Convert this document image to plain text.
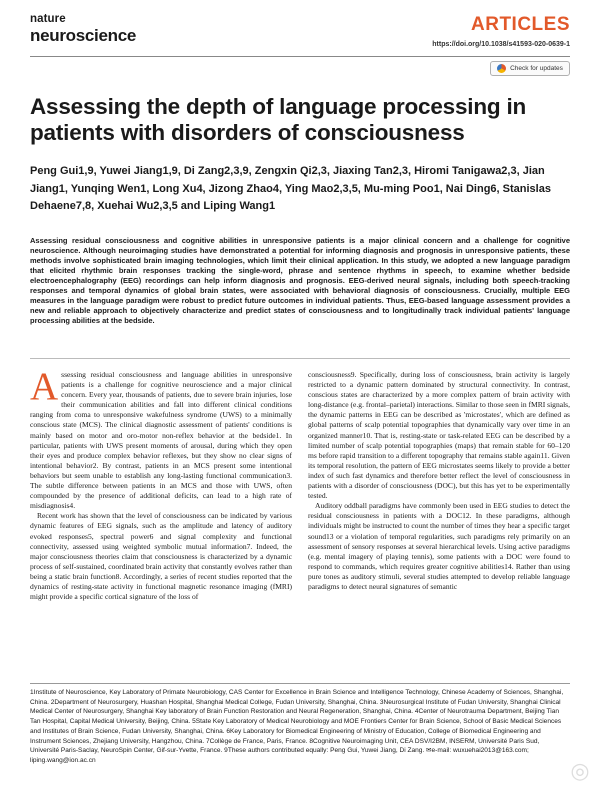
nature
neuroscience	ARTICLES
https://doi.org/10.1038/s41593-020-0639-1
Check for updates
Assessing the depth of language processing in patients with disorders of consciousness
Peng Gui1,9, Yuwei Jiang1,9, Di Zang2,3,9, Zengxin Qi2,3, Jiaxing Tan2,3, Hiromi Tanigawa2,3, Jian Jiang1, Yunqing Wen1, Long Xu4, Jizong Zhao4, Ying Mao2,3,5, Mu-ming Poo1, Nai Ding6, Stanislas Dehaene7,8, Xuehai Wu2,3,5 and Liping Wang1

Assessing residual consciousness and cognitive abilities in unresponsive patients is a major clinical concern and a challenge for cognitive neuroscience. Although neuroimaging studies have demonstrated a potential for informing diagnosis and prognosis in unresponsive patients, these methods involve sophisticated brain imaging technologies, which limit their clinical application. In this study, we adopted a new language paradigm that elicited rhythmic brain responses tracking the single-word, phrase and sentence rhythms in speech, to examine whether bedside electroencephalography (EEG) recordings can help inform diagnosis and prognosis. EEG-derived neural signals, including both speech-tracking responses and temporal dynamics of global brain states, were associated with behavioral diagnosis of consciousness. Crucially, multiple EEG measures in the language paradigm were robust to predict future outcomes in individual patients. Thus, EEG-based language assessment provides a new and reliable approach to objectively characterize and predict states of consciousness and to longitudinally track individual patients' language processing abilities at the bedside.

Assessing residual consciousness and language abilities in unresponsive patients is a challenge for cognitive neuroscience and a major clinical concern. Every year, thousands of patients, due to severe brain injuries, lose their communication abilities and fall into different clinical conditions ranging from coma to unresponsive wakefulness syndrome (UWS) to a minimally conscious state (MCS). The clinical diagnostic assessment of patients' conditions is mainly based on motor and oro-motor non-reflex behavior at the bedside1. In particular, patients with UWS present moments of arousal, during which they open their eyes and produce complex behavior reflexes, but they show no clear signs of intentional behavior2. By contrast, patients in an MCS present some intentional behaviors but seem unable to establish any long-lasting functional communication3. The subtle difference between patients in an MCS and those with UWS, often compounded by the presence of additional deficits, can lead to a high rate of misdiagnosis4.

Recent work has shown that the level of consciousness can be indicated by various dynamic features of EEG signals, such as the amplitude and latency of auditory evoked responses5, spectral power6 and signal complexity and functional connectivity, assessed using weighted symbolic mutual information7. Indeed, the major consciousness theories claim that consciousness is characterized by a dynamic process of self-sustained, coordinated brain activity that constantly evolves rather than being a static brain function8. Accordingly, a series of recent studies reported that the dynamics of resting-state activity in functional magnetic resonance imaging (fMRI) might provide a specific cortical signature of the loss of

consciousness9. Specifically, during loss of consciousness, brain activity is largely restricted to a dynamic pattern dominated by structural connectivity. In contrast, conscious states are characterized by a more complex pattern of brain activity with long-distance (e.g. frontal–parietal) interactions. Similar to those seen in fMRI signals, the dynamic patterns in EEG can be described as 'microstates', which are defined as global patterns of scalp potential topographies that dynamically vary over time in an organized manner10. That is, resting-state or task-related EEG can be described by a limited number of scalp potential topographies (maps) that remain stable for 60–120 ms before rapid transition to a different topography that remains stable again11. Given its temporal resolution, the pattern of EEG microstates seems likely to provide a better index of such fast dynamics and therefore better reflect the level of consciousness in patients with a disorder of consciousness (DOC), but this has yet to be experimentally tested.

Auditory oddball paradigms have commonly been used in EEG studies to detect the residual consciousness in patients with a DOC12. In these paradigms, although individuals might be instructed to count the number of times they hear a specific target sound13 or a violation of temporal regularities, such paradigms rely primarily on an assessment of sensory responses at several hierarchical levels. Using active paradigms (e.g. mental imagery of playing tennis), some patients with a DOC were found to respond to commands, which requires greater cognitive abilities14. Rather than using pure tones as auditory stimuli, several studies attempted to develop reliable language paradigms to detect neural signatures of semantic

1Institute of Neuroscience, Key Laboratory of Primate Neurobiology, CAS Center for Excellence in Brain Science and Intelligence Technology, Chinese Academy of Sciences, Shanghai, China. 2Department of Neurosurgery, Huashan Hospital, Shanghai Medical College, Fudan University, Shanghai, China. 3Neurosurgical Institute of Fudan University, Shanghai Clinical Medical Center of Neurosurgery, Shanghai Key laboratory of Brain Function Restoration and Neural Regeneration, Shanghai, China. 4Center of Neurotrauma Department, Beijing Tian Tan Hospital, Capital Medical University, Beijing, China. 5State Key Laboratory of Medical Neurobiology and MOE Frontiers Center for Brain Science, School of Basic Medical Sciences and Institutes of Brain Science, Fudan University, Shanghai, China. 6Key Laboratory for Biomedical Engineering of Ministry of Education, College of Biomedical Engineering and Instrument Sciences, Zhejiang University, Hangzhou, China. 7Collège de France, Paris, France. 8Cognitive Neuroimaging Unit, CEA DSV/I2BM, INSERM, Université Paris Sud, Université Paris-Saclay, NeuroSpin Center, Gif-sur-Yvette, France. 9These authors contributed equally: Peng Gui, Yuwei Jiang, Di Zang. ✉e-mail: wuxuehai2013@163.com; liping.wang@ion.ac.cn	◎
